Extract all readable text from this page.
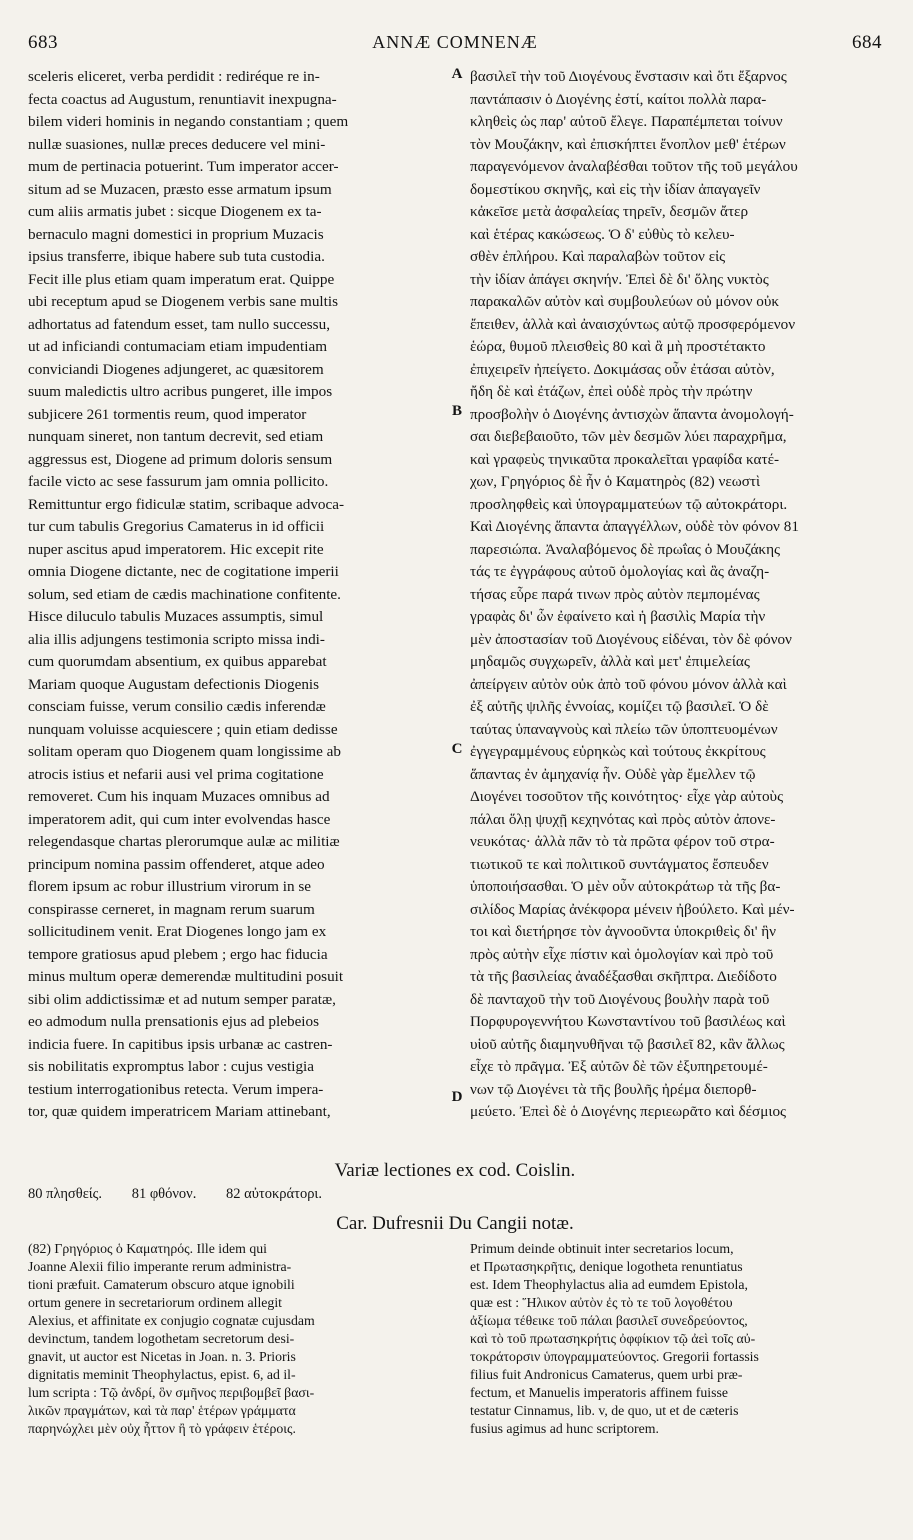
683	ANNÆ COMNENÆ	684
sceleris eliceret, verba perdidit : rediréque re in-
fecta coactus ad Augustum, renuntiavit inexpugna-
bilem videri hominis in negando constantiam ; quem
nullæ suasiones, nullæ preces deducere vel mini-
mum de pertinacia potuerint. Tum imperator accer-
situm ad se Muzacen, præsto esse armatum ipsum
cum aliis armatis jubet : sicque Diogenem ex ta-
bernaculo magni domestici in proprium Muzacis
ipsius transferre, ibique habere sub tuta custodia.
Fecit ille plus etiam quam imperatum erat. Quippe
ubi receptum apud se Diogenem verbis sane multis
adhortatus ad fatendum esset, tam nullo successu,
ut ad inficiandi contumaciam etiam impudentiam
conviciandi Diogenes adjungeret, ac quæsitorem
suum maledictis ultro acribus pungeret, ille impos
subjicere 261 tormentis reum, quod imperator
nunquam sineret, non tantum decrevit, sed etiam
aggressus est, Diogene ad primum doloris sensum
facile victo ac sese fassurum jam omnia pollicito.
Remittuntur ergo fidiculæ statim, scribaque advoca-
tur cum tabulis Gregorius Camaterus in id officii
nuper ascitus apud imperatorem. Hic excepit rite
omnia Diogene dictante, nec de cogitatione imperii
solum, sed etiam de cædis machinatione confitente.
Hisce diluculo tabulis Muzaces assumptis, simul
alia illis adjungens testimonia scripto missa indi-
cum quorumdam absentium, ex quibus apparebat
Mariam quoque Augustam defectionis Diogenis
consciam fuisse, verum consilio cædis inferendæ
nunquam voluisse acquiescere ; quin etiam dedisse
solitam operam quo Diogenem quam longissime ab
atrocis istius et nefarii ausi vel prima cogitatione
removeret. Cum his inquam Muzaces omnibus ad
imperatorem adit, qui cum inter evolvendas hasce
relegendasque chartas plerorumque aulæ ac militiæ
principum nomina passim offenderet, atque adeo
florem ipsum ac robur illustrium virorum in se
conspirasse cerneret, in magnam rerum suarum
sollicitudinem venit. Erat Diogenes longo jam ex
tempore gratiosus apud plebem ; ergo hac fiducia
minus multum operæ demerendæ multitudini posuit
sibi olim addictissimæ et ad nutum semper paratæ,
eo admodum nulla prensationis ejus ad plebeios
indicia fuere. In capitibus ipsis urbanæ ac castren-
sis nobilitatis expromptus labor : cujus vestigia
testium interrogationibus retecta. Verum impera-
tor, quæ quidem imperatricem Mariam attinebant,
A
B
C
D
βασιλεῖ τὴν τοῦ Διογένους ἔνστασιν καὶ ὅτι ἔξαρνος
παντάπασιν ὁ Διογένης ἐστί, καίτοι πολλὰ παρα-
κληθεὶς ὡς παρ' αὐτοῦ ἔλεγε. Παραπέμπεται τοίνυν
τὸν Μουζάκην, καὶ ἐπισκήπτει ἔνοπλον μεθ' ἑτέρων
παραγενόμενον ἀναλαβέσθαι τοῦτον τῆς τοῦ μεγάλου
δομεστίκου σκηνῆς, καὶ εἰς τὴν ἰδίαν ἀπαγαγεῖν
κἀκεῖσε μετὰ ἀσφαλείας τηρεῖν, δεσμῶν ἄτερ
καὶ ἑτέρας κακώσεως. Ὁ δ' εὐθὺς τὸ κελευ-
σθὲν ἐπλήρου. Καὶ παραλαβὼν τοῦτον εἰς
τὴν ἰδίαν ἀπάγει σκηνήν. Ἐπεὶ δὲ δι' ὅλης νυκτὸς
παρακαλῶν αὐτὸν καὶ συμβουλεύων οὐ μόνον οὐκ
ἔπειθεν, ἀλλὰ καὶ ἀναισχύντως αὐτῷ προσφερόμενον
ἑώρα, θυμοῦ πλεισθεὶς 80 καὶ ἃ μὴ προστέτακτο
ἐπιχειρεῖν ἠπείγετο. Δοκιμάσας οὖν ἐτάσαι αὐτὸν,
ἤδη δὲ καὶ ἐτάζων, ἐπεὶ οὐδὲ πρὸς τὴν πρώτην
προσβολὴν ὁ Διογένης ἀντισχὼν ἅπαντα ἀνομολογή-
σαι διεβεβαιοῦτο, τῶν μὲν δεσμῶν λύει παραχρῆμα,
καὶ γραφεὺς τηνικαῦτα προκαλεῖται γραφίδα κατέ-
χων, Γρηγόριος δὲ ἦν ὁ Καματηρὸς (82) νεωστὶ
προσληφθεὶς καὶ ὑπογραμματεύων τῷ αὐτοκράτορι.
Καὶ Διογένης ἅπαντα ἀπαγγέλλων, οὐδὲ τὸν φόνον 81
παρεσιώπα. Ἀναλαβόμενος δὲ πρωΐας ὁ Μουζάκης
τάς τε ἐγγράφους αὐτοῦ ὁμολογίας καὶ ἃς ἀναζη-
τήσας εὗρε παρά τινων πρὸς αὐτὸν πεμπομένας
γραφὰς δι' ὧν ἐφαίνετο καὶ ἡ βασιλὶς Μαρία τὴν
μὲν ἀποστασίαν τοῦ Διογένους εἰδέναι, τὸν δὲ φόνον
μηδαμῶς συγχωρεῖν, ἀλλὰ καὶ μετ' ἐπιμελείας
ἀπείργειν αὐτὸν οὐκ ἀπὸ τοῦ φόνου μόνον ἀλλὰ καὶ
ἐξ αὐτῆς ψιλῆς ἐννοίας, κομίζει τῷ βασιλεῖ. Ὁ δὲ
ταύτας ὑπαναγνοὺς καὶ πλείω τῶν ὑποπτευομένων
ἐγγεγραμμένους εὑρηκὼς καὶ τούτους ἐκκρίτους
ἅπαντας ἐν ἀμηχανίᾳ ἦν. Οὐδὲ γὰρ ἔμελλεν τῷ
Διογένει τοσοῦτον τῆς κοινότητος· εἶχε γὰρ αὐτοὺς
πάλαι ὅλῃ ψυχῇ κεχηνότας καὶ πρὸς αὐτὸν ἀπονε-
νευκότας· ἀλλὰ πᾶν τὸ τὰ πρῶτα φέρον τοῦ στρα-
τιωτικοῦ τε καὶ πολιτικοῦ συντάγματος ἔσπευδεν
ὑποποιήσασθαι. Ὁ μὲν οὖν αὐτοκράτωρ τὰ τῆς βα-
σιλίδος Μαρίας ἀνέκφορα μένειν ἠβούλετο. Καὶ μέν-
τοι καὶ διετήρησε τὸν ἀγνοοῦντα ὑποκριθεὶς δι' ἣν
πρὸς αὐτὴν εἶχε πίστιν καὶ ὁμολογίαν καὶ πρὸ τοῦ
τὰ τῆς βασιλείας ἀναδέξασθαι σκῆπτρα. Διεδίδοτο
δὲ πανταχοῦ τὴν τοῦ Διογένους βουλὴν παρὰ τοῦ
Πορφυρογεννήτου Κωνσταντίνου τοῦ βασιλέως καὶ
υἱοῦ αὐτῆς διαμηνυθῆναι τῷ βασιλεῖ 82, κἂν ἄλλως
εἶχε τὸ πρᾶγμα. Ἐξ αὐτῶν δὲ τῶν ἐξυπηρετουμέ-
νων τῷ Διογένει τὰ τῆς βουλῆς ἠρέμα διεπορθ-
μεύετο. Ἐπεὶ δὲ ὁ Διογένης περιεωρᾶτο καὶ δέσμιος
Variæ lectiones ex cod. Coislin.
80 πλησθείς. 81 φθόνον. 82 αὐτοκράτορι.
Car. Dufresnii Du Cangii notæ.
(82) Γρηγόριος ὁ Καματηρός. Ille idem qui
Joanne Alexii filio imperante rerum administra-
tioni præfuit. Camaterum obscuro atque ignobili
ortum genere in secretariorum ordinem allegit
Alexius, et affinitate ex conjugio cognatæ cujusdam
devinctum, tandem logothetam secretorum desi-
gnavit, ut auctor est Nicetas in Joan. n. 3. Prioris
dignitatis meminit Theophylactus, epist. 6, ad il-
lum scripta : Τῷ ἀνδρί, ὃν σμῆνος περιβομβεῖ βασι-
λικῶν πραγμάτων, καὶ τὰ παρ' ἑτέρων γράμματα
παρηνώχλει μὲν οὐχ ἧττον ἢ τὸ γράφειν ἑτέροις.
Primum deinde obtinuit inter secretarios locum,
et Πρωτασηκρῆτις, denique logotheta renuntiatus
est. Idem Theophylactus alia ad eumdem Epistola,
quæ est : Ἥλικον αὐτὸν ἐς τὸ τε τοῦ λογοθέτου
ἀξίωμα τέθεικε τοῦ πάλαι βασιλεῖ συνεδρεύοντος,
καὶ τὸ τοῦ πρωτασηκρήτις ὀφφίκιον τῷ ἀεὶ τοῖς αὐ-
τοκράτορσιν ὑπογραμματεύοντος. Gregorii fortassis
filius fuit Andronicus Camaterus, quem urbi præ-
fectum, et Manuelis imperatoris affinem fuisse
testatur Cinnamus, lib. v, de quo, ut et de cæteris
fusius agimus ad hunc scriptorem.
